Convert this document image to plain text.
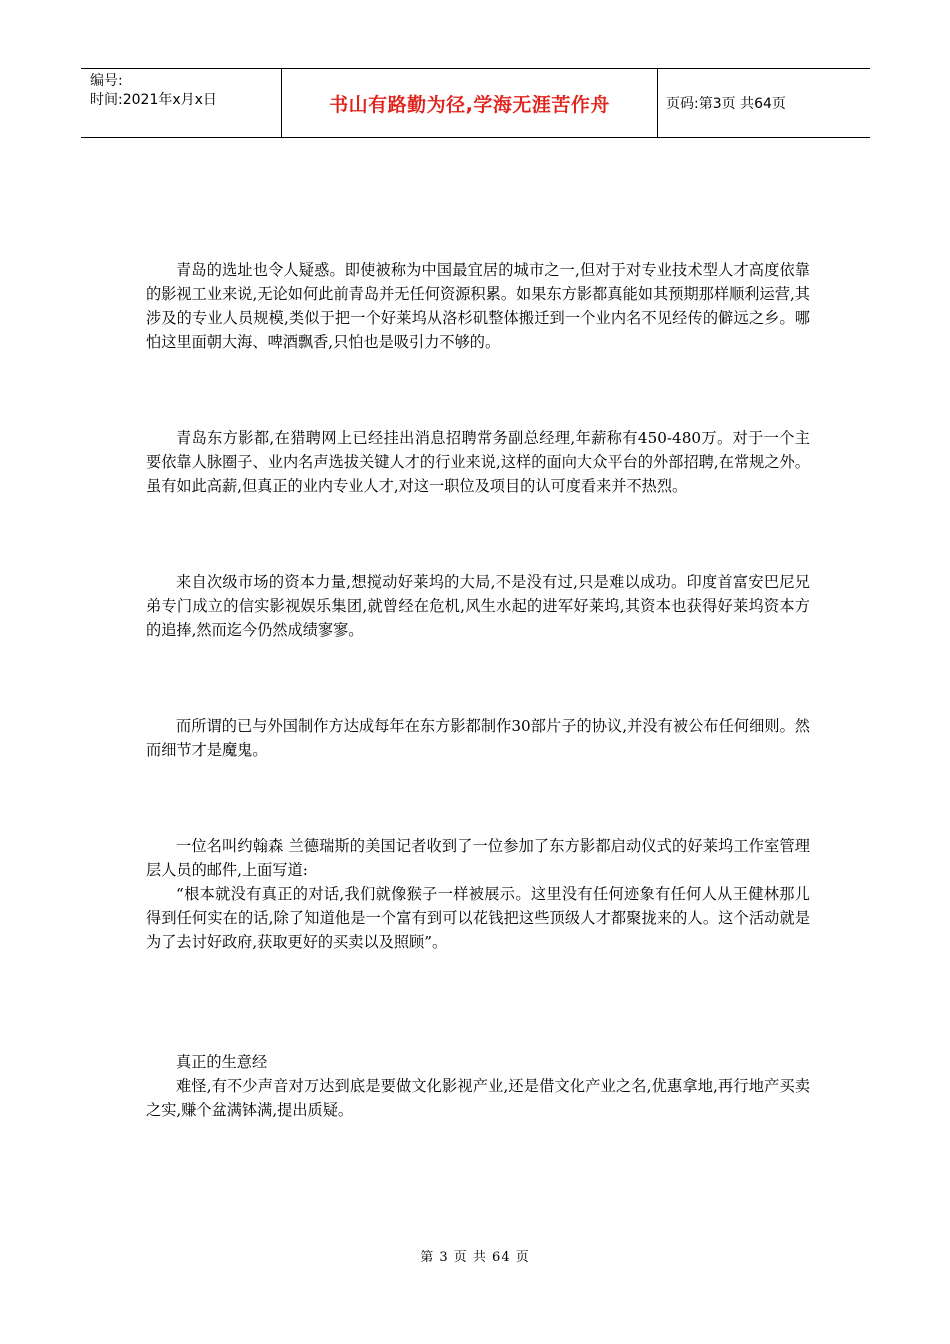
编号:
时间:2021年x月x日	书山有路勤为径,学海无涯苦作舟	页码:第3页 共64页

青岛的选址也令人疑惑。即使被称为中国最宜居的城市之一,但对于对专业技术型人才高度依靠的影视工业来说,无论如何此前青岛并无任何资源积累。如果东方影都真能如其预期那样顺利运营,其涉及的专业人员规模,类似于把一个好莱坞从洛杉矶整体搬迁到一个业内名不见经传的僻远之乡。哪怕这里面朝大海、啤酒飘香,只怕也是吸引力不够的。

青岛东方影都,在猎聘网上已经挂出消息招聘常务副总经理,年薪称有450-480万。对于一个主要依靠人脉圈子、业内名声选拔关键人才的行业来说,这样的面向大众平台的外部招聘,在常规之外。虽有如此高薪,但真正的业内专业人才,对这一职位及项目的认可度看来并不热烈。

来自次级市场的资本力量,想搅动好莱坞的大局,不是没有过,只是难以成功。印度首富安巴尼兄弟专门成立的信实影视娱乐集团,就曾经在危机,风生水起的进军好莱坞,其资本也获得好莱坞资本方的追捧,然而迄今仍然成绩寥寥。

而所谓的已与外国制作方达成每年在东方影都制作30部片子的协议,并没有被公布任何细则。然而细节才是魔鬼。

一位名叫约翰森 兰德瑞斯的美国记者收到了一位参加了东方影都启动仪式的好莱坞工作室管理层人员的邮件,上面写道:

“根本就没有真正的对话,我们就像猴子一样被展示。这里没有任何迹象有任何人从王健林那儿得到任何实在的话,除了知道他是一个富有到可以花钱把这些顶级人才都聚拢来的人。这个活动就是为了去讨好政府,获取更好的买卖以及照顾”。

真正的生意经

难怪,有不少声音对万达到底是要做文化影视产业,还是借文化产业之名,优惠拿地,再行地产买卖之实,赚个盆满钵满,提出质疑。

第 3 页 共 64 页
